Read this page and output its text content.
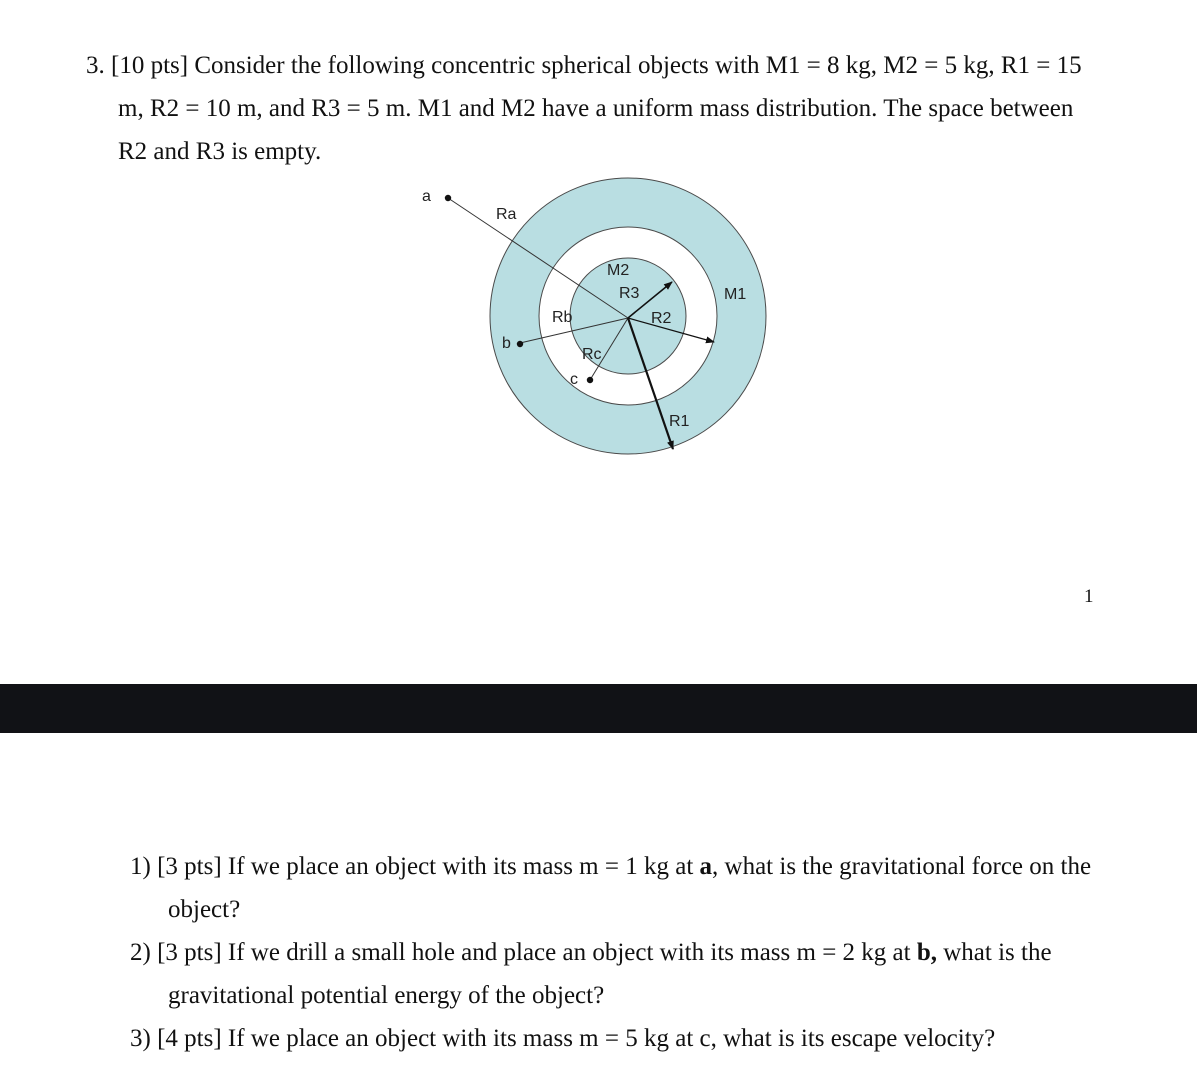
3. [10 pts] Consider the following concentric spherical objects with M1 = 8 kg, M2 = 5 kg, R1 = 15
m, R2 = 10 m, and R3 = 5 m. M1 and M2 have a uniform mass distribution. The space between
R2 and R3 is empty.
a
b
c
Ra
Rb
Rc
M2
R3
R2
M1
R1
1
1) [3 pts] If we place an object with its mass m = 1 kg at a, what is the gravitational force on the
object?
2) [3 pts] If we drill a small hole and place an object with its mass m = 2 kg at b, what is the
gravitational potential energy of the object?
3) [4 pts] If we place an object with its mass m = 5 kg at c, what is its escape velocity?
